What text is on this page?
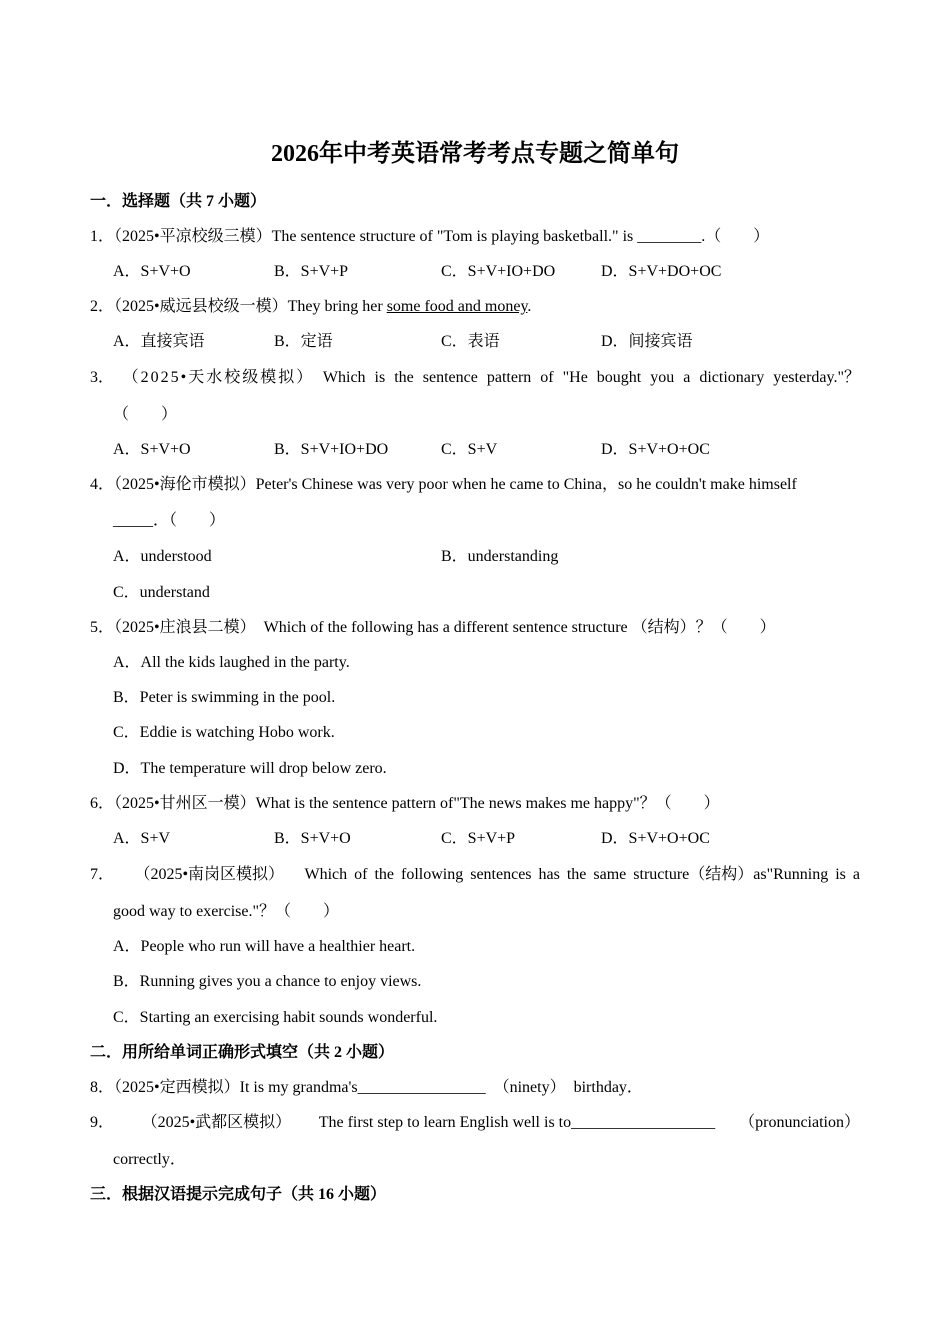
2026年中考英语常考考点专题之简单句
一．选择题（共 7 小题）
1．（2025•平凉校级三模）The sentence structure of "Tom is playing basketball." is ________.（　　）
A．S+V+O	B．S+V+P	C．S+V+IO+DO	D．S+V+DO+OC
2．（2025•威远县校级一模）They bring her some food and money.
A．直接宾语	B．定语	C．表语	D．间接宾语
3． （2025•天水校级模拟） Which is the sentence pattern of "He bought you a dictionary yesterday."？
（　　）
A．S+V+O	B．S+V+IO+DO	C．S+V	D．S+V+O+OC
4．（2025•海伦市模拟）Peter's Chinese was very poor when he came to China，so he couldn't make himself
_____．（　　）
A．understood	B．understanding
C．understand
5．（2025•庄浪县二模）　Which of the following has a different sentence structure （结构）？（　　）
A．All the kids laughed in the party.
B．Peter is swimming in the pool.
C．Eddie is watching Hobo work.
D．The temperature will drop below zero.
6．（2025•甘州区一模）What is the sentence pattern of"The news makes me happy"？（　　）
A．S+V	B．S+V+O	C．S+V+P	D．S+V+O+OC
7． （2025•南岗区模拟） Which of the following sentences has the same structure（结构）as"Running is a
good way to exercise."？（　　）
A．People who run will have a healthier heart.
B．Running gives you a chance to enjoy views.
C．Starting an exercising habit sounds wonderful.
二．用所给单词正确形式填空（共 2 小题）
8．（2025•定西模拟）It is my grandma's________________　（ninety）　birthday．
9． （2025•武都区模拟） The first step to learn English well is to__________________　　（pronunciation）
correctly．
三．根据汉语提示完成句子（共 16 小题）
